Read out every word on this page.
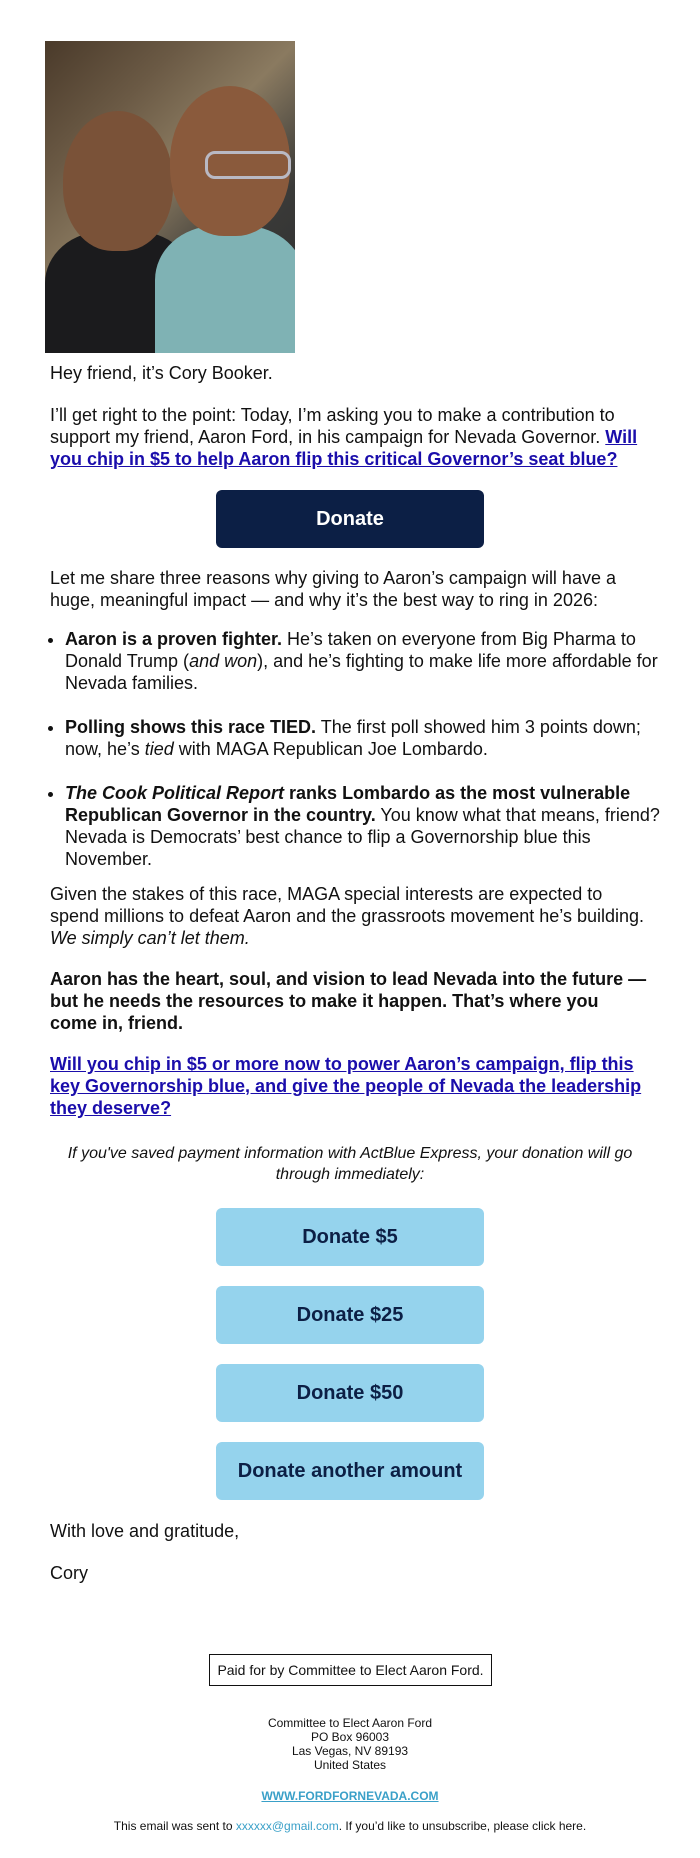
Hey friend, it’s Cory Booker.

I’ll get right to the point: Today, I’m asking you to make a contribution to support my friend, Aaron Ford, in his campaign for Nevada Governor. Will you chip in $5 to help Aaron flip this critical Governor’s seat blue?

Donate

Let me share three reasons why giving to Aaron’s campaign will have a huge, meaningful impact — and why it’s the best way to ring in 2026:

• Aaron is a proven fighter. He’s taken on everyone from Big Pharma to Donald Trump (and won), and he’s fighting to make life more affordable for Nevada families.
• Polling shows this race TIED. The first poll showed him 3 points down; now, he’s tied with MAGA Republican Joe Lombardo.
• The Cook Political Report ranks Lombardo as the most vulnerable Republican Governor in the country. You know what that means, friend? Nevada is Democrats’ best chance to flip a Governorship blue this November.

Given the stakes of this race, MAGA special interests are expected to spend millions to defeat Aaron and the grassroots movement he’s building. We simply can’t let them.

Aaron has the heart, soul, and vision to lead Nevada into the future — but he needs the resources to make it happen. That’s where you come in, friend.

Will you chip in $5 or more now to power Aaron’s campaign, flip this key Governorship blue, and give the people of Nevada the leadership they deserve?

If you've saved payment information with ActBlue Express, your donation will go through immediately:

Donate $5
Donate $25
Donate $50
Donate another amount

With love and gratitude,

Cory

Paid for by Committee to Elect Aaron Ford.
Committee to Elect Aaron Ford
PO Box 96003
Las Vegas, NV 89193
United States
WWW.FORDFORNEVADA.COM
This email was sent to xxxxxx@gmail.com. If you’d like to unsubscribe, please click here.
